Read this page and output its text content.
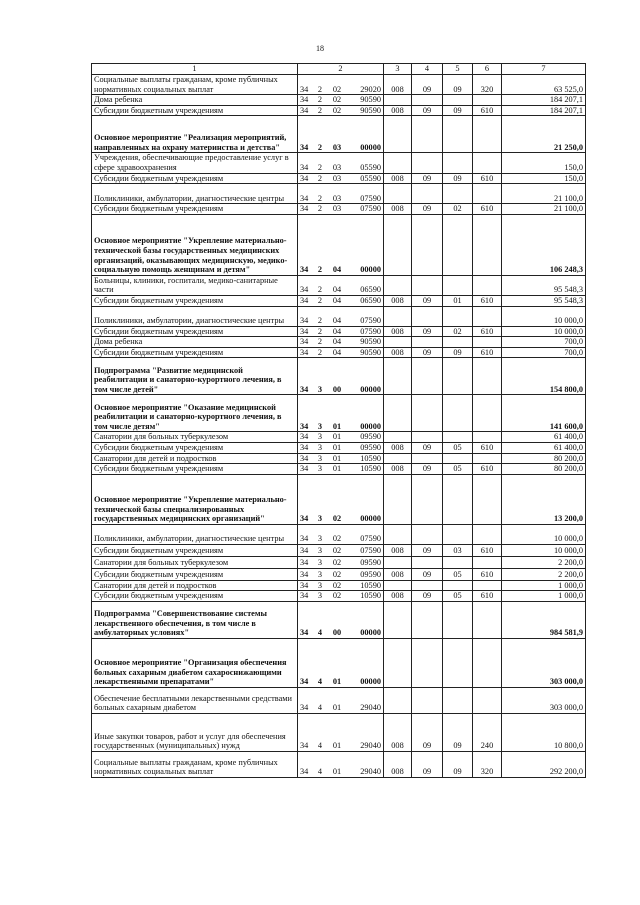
18
1	2	3	4	5	6	7
Социальные выплаты гражданам, кроме публичных нормативных социальных выплат	34 2 02 29020	008	09	09	320	63 525,0
Дома ребенка	34 2 02 90590					184 207,1
Субсидии бюджетным учреждениям	34 2 02 90590	008	09	09	610	184 207,1
Основное мероприятие "Реализация мероприятий, направленных на охрану материнства и детства"	34 2 03 00000					21 250,0
Учреждения, обеспечивающие предоставление услуг в сфере здравоохранения	34 2 03 05590					150,0
Субсидии бюджетным учреждениям	34 2 03 05590	008	09	09	610	150,0
Поликлиники, амбулатории, диагностические центры	34 2 03 07590					21 100,0
Субсидии бюджетным учреждениям	34 2 03 07590	008	09	02	610	21 100,0
Основное мероприятие "Укрепление материально-технической базы государственных медицинских организаций, оказывающих медицинскую, медико-социальную помощь женщинам и детям"	34 2 04 00000					106 248,3
Больницы, клиники, госпитали, медико-санитарные части	34 2 04 06590					95 548,3
Субсидии бюджетным учреждениям	34 2 04 06590	008	09	01	610	95 548,3
Поликлиники, амбулатории, диагностические центры	34 2 04 07590					10 000,0
Субсидии бюджетным учреждениям	34 2 04 07590	008	09	02	610	10 000,0
Дома ребенка	34 2 04 90590					700,0
Субсидии бюджетным учреждениям	34 2 04 90590	008	09	09	610	700,0
Подпрограмма "Развитие медицинской реабилитации и санаторно-курортного лечения, в том числе детей"	34 3 00 00000					154 800,0
Основное мероприятие "Оказание медицинской реабилитации и санаторно-курортного лечения, в том числе детям"	34 3 01 00000					141 600,0
Санатории для больных туберкулезом	34 3 01 09590					61 400,0
Субсидии бюджетным учреждениям	34 3 01 09590	008	09	05	610	61 400,0
Санатории для детей и подростков	34 3 01 10590					80 200,0
Субсидии бюджетным учреждениям	34 3 01 10590	008	09	05	610	80 200,0
Основное мероприятие "Укрепление материально-технической базы специализированных государственных медицинских организаций"	34 3 02 00000					13 200,0
Поликлиники, амбулатории, диагностические центры	34 3 02 07590					10 000,0
Субсидии бюджетным учреждениям	34 3 02 07590	008	09	03	610	10 000,0
Санатории для больных туберкулезом	34 3 02 09590					2 200,0
Субсидии бюджетным учреждениям	34 3 02 09590	008	09	05	610	2 200,0
Санатории для детей и подростков	34 3 02 10590					1 000,0
Субсидии бюджетным учреждениям	34 3 02 10590	008	09	05	610	1 000,0
Подпрограмма "Совершенствование системы лекарственного обеспечения, в том числе в амбулаторных условиях"	34 4 00 00000					984 581,9
Основное мероприятие "Организация обеспечения больных сахарным диабетом сахароснижающими лекарственными препаратами"	34 4 01 00000					303 000,0
Обеспечение бесплатными лекарственными средствами больных сахарным диабетом	34 4 01 29040					303 000,0
Иные закупки товаров, работ и услуг для обеспечения государственных (муниципальных) нужд	34 4 01 29040	008	09	09	240	10 800,0
Социальные выплаты гражданам, кроме публичных нормативных социальных выплат	34 4 01 29040	008	09	09	320	292 200,0
